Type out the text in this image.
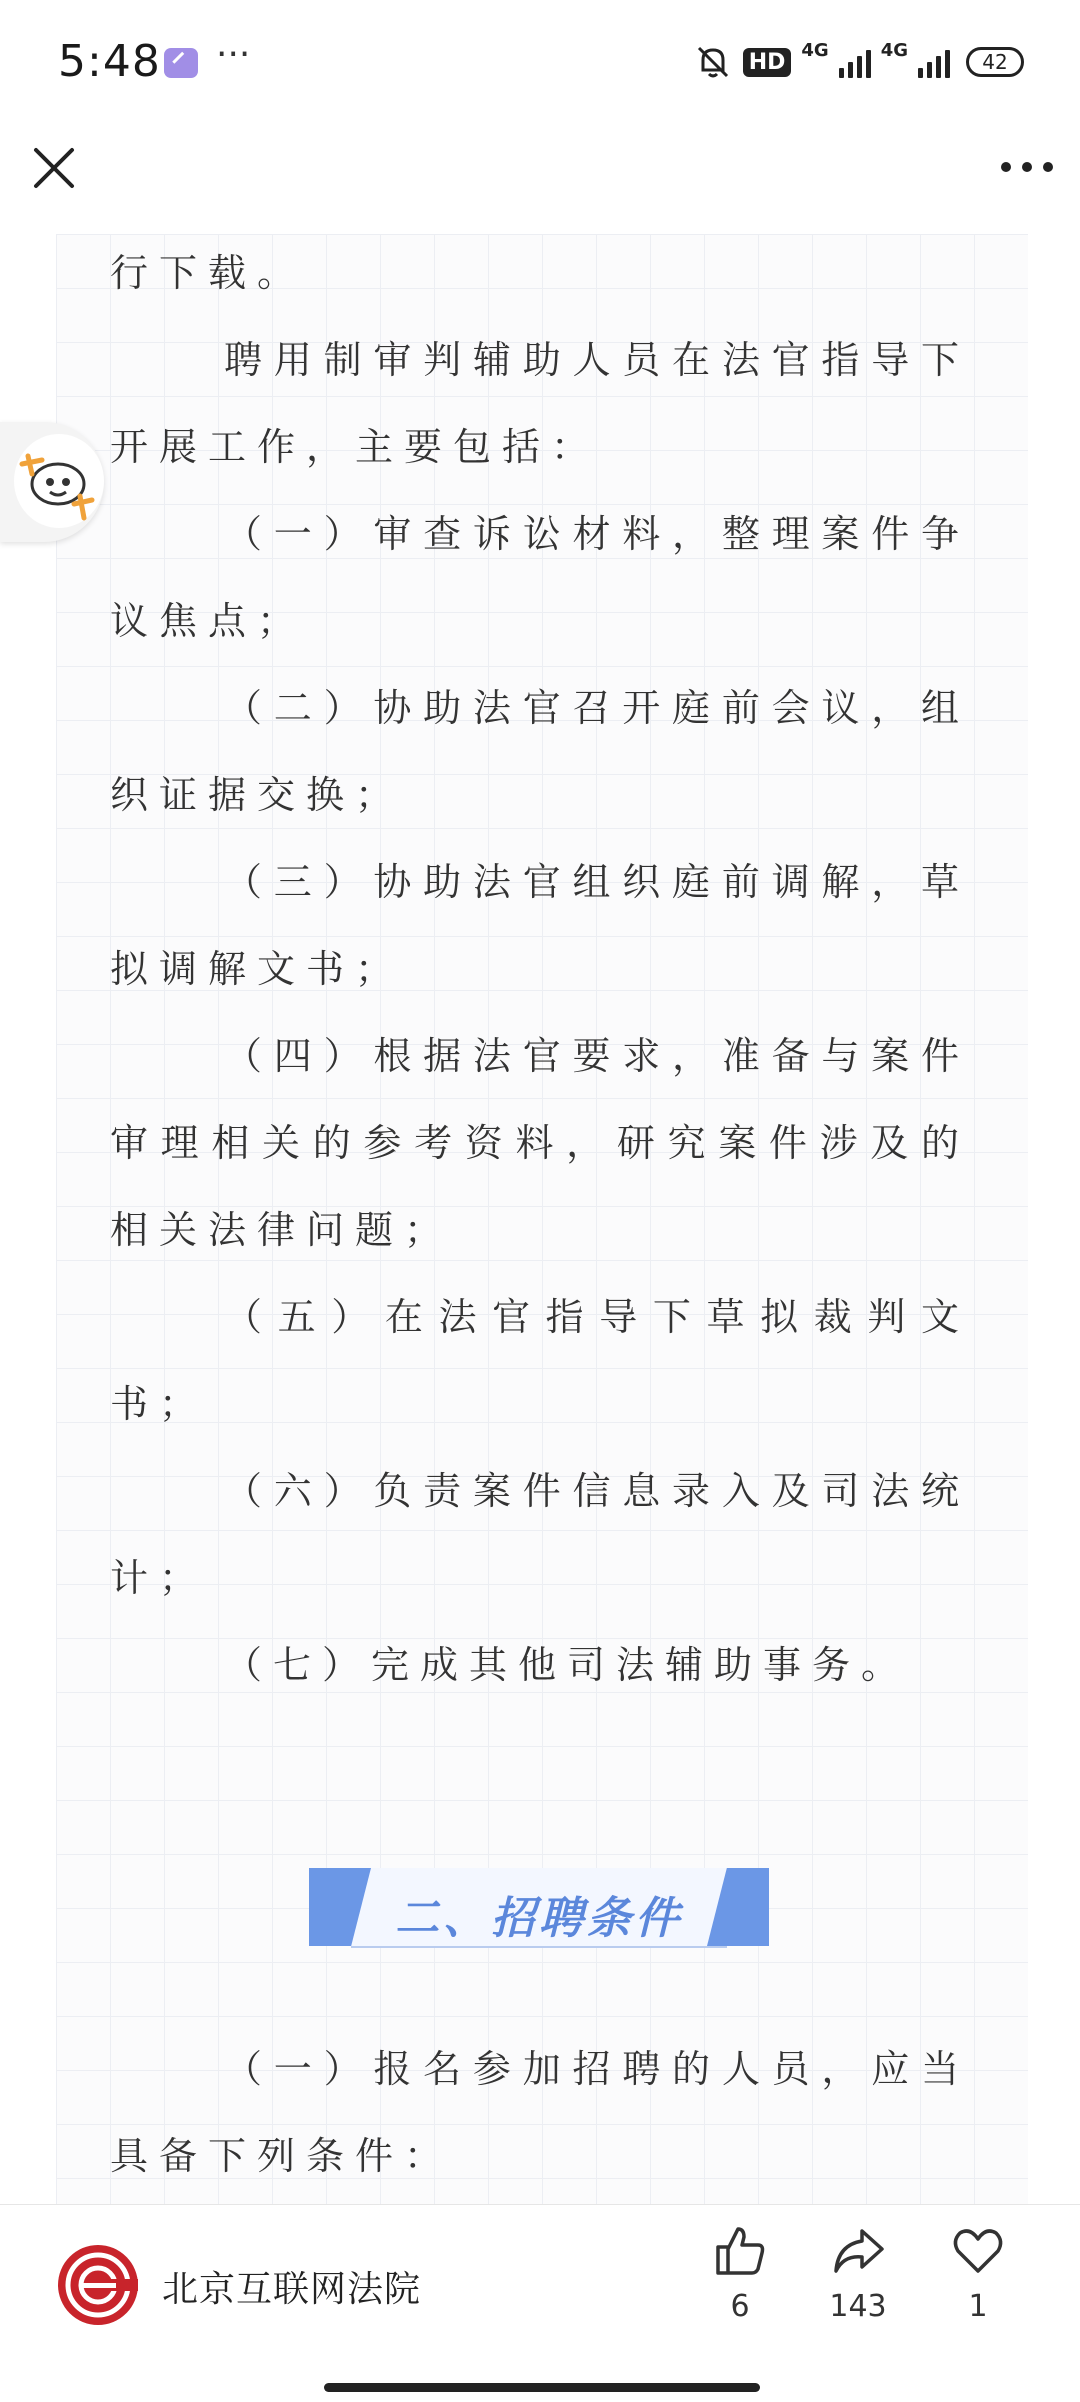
5:48 ···	HD 4G	4G	42

行下载。

聘用制审判辅助人员在法官指导下开展工作，主要包括：

（一）审查诉讼材料，整理案件争议焦点；

（二）协助法官召开庭前会议，组织证据交换；

（三）协助法官组织庭前调解，草拟调解文书；

（四）根据法官要求，准备与案件审理相关的参考资料，研究案件涉及的相关法律问题；

（五）在法官指导下草拟裁判文书；

（六）负责案件信息录入及司法统计；

（七）完成其他司法辅助事务。

二、招聘条件

（一）报名参加招聘的人员，应当具备下列条件：

北京互联网法院	6	143	1
